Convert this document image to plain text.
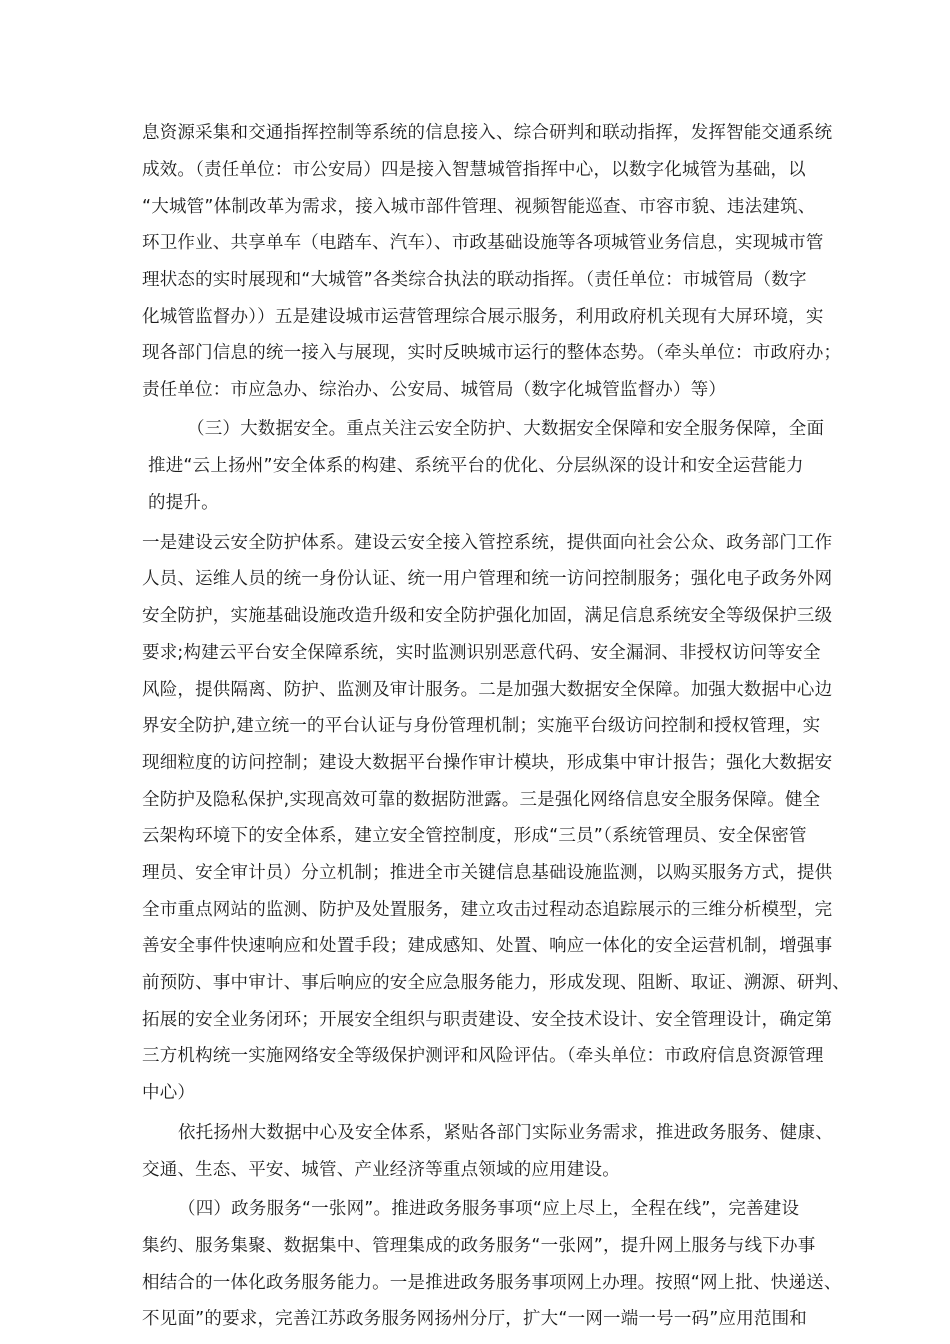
息资源采集和交通指挥控制等系统的信息接入、综合研判和联动指挥，发挥智能交通系统
成效。（责任单位：市公安局）四是接入智慧城管指挥中心，以数字化城管为基础，以
“大城管”体制改革为需求，接入城市部件管理、视频智能巡查、市容市貌、违法建筑、
环卫作业、共享单车（电踏车、汽车）、市政基础设施等各项城管业务信息，实现城市管
理状态的实时展现和“大城管”各类综合执法的联动指挥。（责任单位：市城管局（数字
化城管监督办））五是建设城市运营管理综合展示服务，利用政府机关现有大屏环境，实
现各部门信息的统一接入与展现，实时反映城市运行的整体态势。（牵头单位：市政府办；
责任单位：市应急办、综治办、公安局、城管局（数字化城管监督办）等）
（三）大数据安全。重点关注云安全防护、大数据安全保障和安全服务保障，全面
推进“云上扬州”安全体系的构建、系统平台的优化、分层纵深的设计和安全运营能力
的提升。
一是建设云安全防护体系。建设云安全接入管控系统，提供面向社会公众、政务部门工作
人员、运维人员的统一身份认证、统一用户管理和统一访问控制服务；强化电子政务外网
安全防护，实施基础设施改造升级和安全防护强化加固，满足信息系统安全等级保护三级
要求;构建云平台安全保障系统，实时监测识别恶意代码、安全漏洞、非授权访问等安全
风险，提供隔离、防护、监测及审计服务。二是加强大数据安全保障。加强大数据中心边
界安全防护,建立统一的平台认证与身份管理机制；实施平台级访问控制和授权管理，实
现细粒度的访问控制；建设大数据平台操作审计模块，形成集中审计报告；强化大数据安
全防护及隐私保护,实现高效可靠的数据防泄露。三是强化网络信息安全服务保障。健全
云架构环境下的安全体系，建立安全管控制度，形成“三员”（系统管理员、安全保密管
理员、安全审计员）分立机制；推进全市关键信息基础设施监测，以购买服务方式，提供
全市重点网站的监测、防护及处置服务，建立攻击过程动态追踪展示的三维分析模型，完
善安全事件快速响应和处置手段；建成感知、处置、响应一体化的安全运营机制，增强事
前预防、事中审计、事后响应的安全应急服务能力，形成发现、阻断、取证、溯源、研判、
拓展的安全业务闭环；开展安全组织与职责建设、安全技术设计、安全管理设计，确定第
三方机构统一实施网络安全等级保护测评和风险评估。（牵头单位：市政府信息资源管理
中心）
依托扬州大数据中心及安全体系，紧贴各部门实际业务需求，推进政务服务、健康、
交通、生态、平安、城管、产业经济等重点领域的应用建设。
（四）政务服务“一张网”。推进政务服务事项“应上尽上，全程在线”，完善建设
集约、服务集聚、数据集中、管理集成的政务服务“一张网”，提升网上服务与线下办事
相结合的一体化政务服务能力。一是推进政务服务事项网上办理。按照“网上批、快递送、
不见面”的要求，完善江苏政务服务网扬州分厅，扩大“一网一端一号一码”应用范围和
